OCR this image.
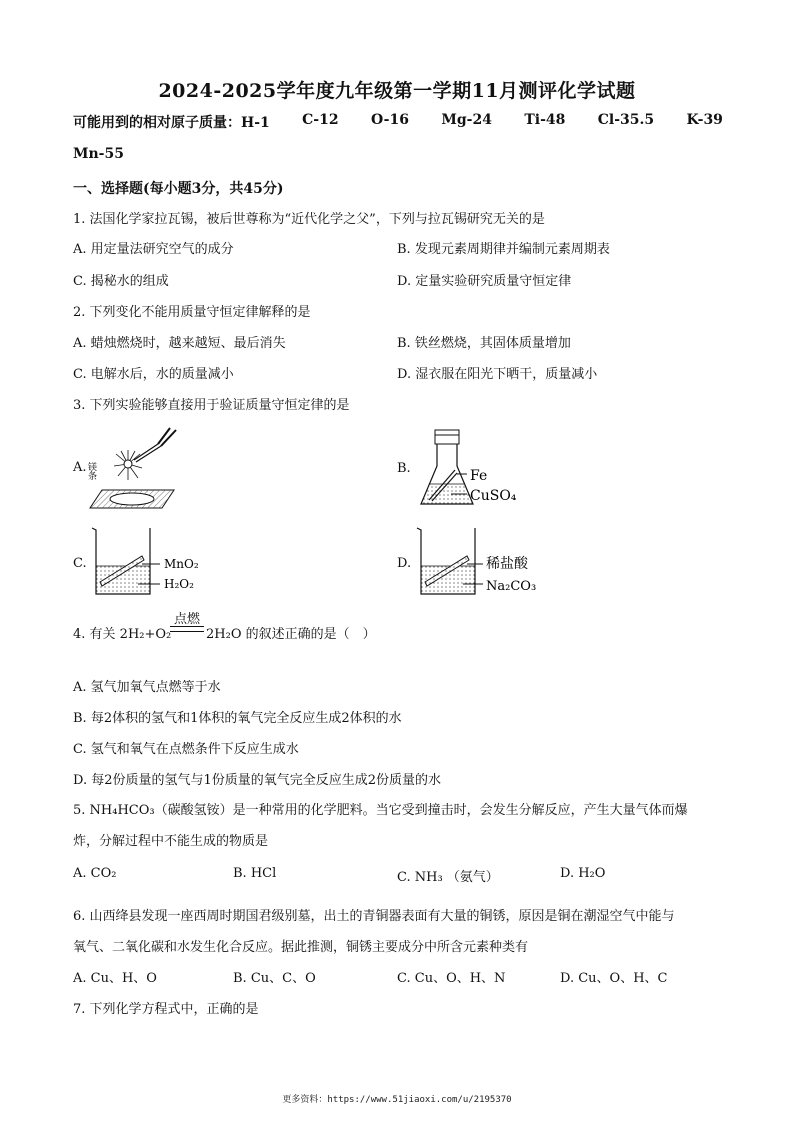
2024-2025学年度九年级第一学期11月测评化学试题
可能用到的相对原子质量：H-1 C-12 O-16 Mg-24 Ti-48 Cl-35.5 K-39
Mn-55
一、选择题(每小题3分，共45分)
1. 法国化学家拉瓦锡，被后世尊称为“近代化学之父”，下列与拉瓦锡研究无关的是
A. 用定量法研究空气的成分	B. 发现元素周期律并编制元素周期表
C. 揭秘水的组成	D. 定量实验研究质量守恒定律
2. 下列变化不能用质量守恒定律解释的是
A. 蜡烛燃烧时，越来越短、最后消失	B. 铁丝燃烧，其固体质量增加
C. 电解水后，水的质量减小	D. 湿衣服在阳光下晒干，质量减小
3. 下列实验能够直接用于验证质量守恒定律的是
A.	B.
C.	D.
镁条	Fe
CuSO₄
MnO₂
H₂O₂
稀盐酸
Na₂CO₃
4. 有关 2H₂+O₂
点燃
2H₂O 的叙述正确的是（　）
A. 氢气加氧气点燃等于水
B. 每2体积的氢气和1体积的氧气完全反应生成2体积的水
C. 氢气和氧气在点燃条件下反应生成水
D. 每2份质量的氢气与1份质量的氧气完全反应生成2份质量的水
5. NH₄HCO₃（碳酸氢铵）是一种常用的化学肥料。当它受到撞击时，会发生分解反应，产生大量气体而爆
炸，分解过程中不能生成的物质是
A. CO₂	B. HCl	C. NH₃ （氨气）	D. H₂O
6. 山西绛县发现一座西周时期国君级别墓，出土的青铜器表面有大量的铜锈，原因是铜在潮湿空气中能与
氧气、二氧化碳和水发生化合反应。据此推测，铜锈主要成分中所含元素种类有
A. Cu、H、O	B. Cu、C、O	C. Cu、O、H、N	D. Cu、O、H、C
7. 下列化学方程式中，正确的是
更多资料：https://www.51jiaoxi.com/u/2195370
